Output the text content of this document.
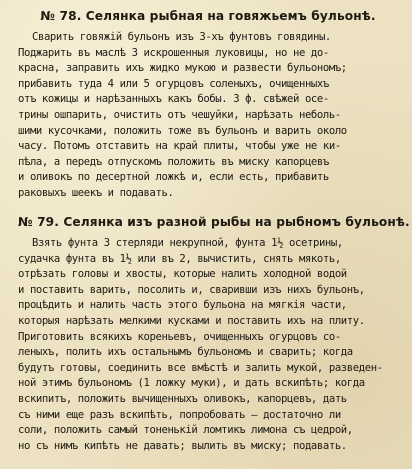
№ 78. Селянка рыбная на говяжьемъ бульонѣ.

Сварить говяжій бульонъ изъ 3-хъ фунтовъ говядины.

Поджарить въ маслѣ 3 искрошенныя луковицы, но не до-

красна, заправить ихъ жидко мукою и развести бульономъ;

прибавить туда 4 или 5 огурцовъ соленыхъ, очищенныхъ

отъ кожицы и нарѣзанныхъ какъ бобы. 3 ф. свѣжей осе-

трины ошпарить, очистить отъ чешуйки, нарѣзать неболь-

шими кусочками, положить тоже въ бульонъ и варить около

часу. Потомъ отставить на край плиты, чтобы уже не ки-

пѣла, а передъ отпускомъ положить въ миску капорцевъ

и оливокъ по десертной ложкѣ и, если есть, прибавить

раковыхъ шеекъ и подавать.

№ 79. Селянка изъ разной рыбы на рыбномъ бульонѣ.

Взять фунта 3 стерляди некрупной, фунта 1½ осетрины,

судачка фунта въ 1½ или въ 2, вычистить, снять мякоть,

отрѣзать головы и хвосты, которые налить холодной водой

и поставить варить, посолить и, сваривши изъ нихъ бульонъ,

процѣдить и налить часть этого бульона на мягкія части,

которыя нарѣзать мелкими кусками и поставить ихъ на плиту.

Приготовить всякихъ кореньевъ, очищенныхъ огурцовъ со-

леныхъ, полить ихъ остальнымъ бульономъ и сварить; когда

будутъ готовы, соединить все вмѣстѣ и залить мукой, разведен-

ной этимъ бульономъ (1 ложку муки), и дать вскипѣть; когда

вскипитъ, положить вычищенныхъ оливокъ, капорцевъ, дать

съ ними еще разъ вскипѣть, попробовать — достаточно ли

соли, положить самый тоненькій ломтикъ лимона съ цедрой,

но съ нимъ кипѣть не давать; вылить въ миску; подавать.
